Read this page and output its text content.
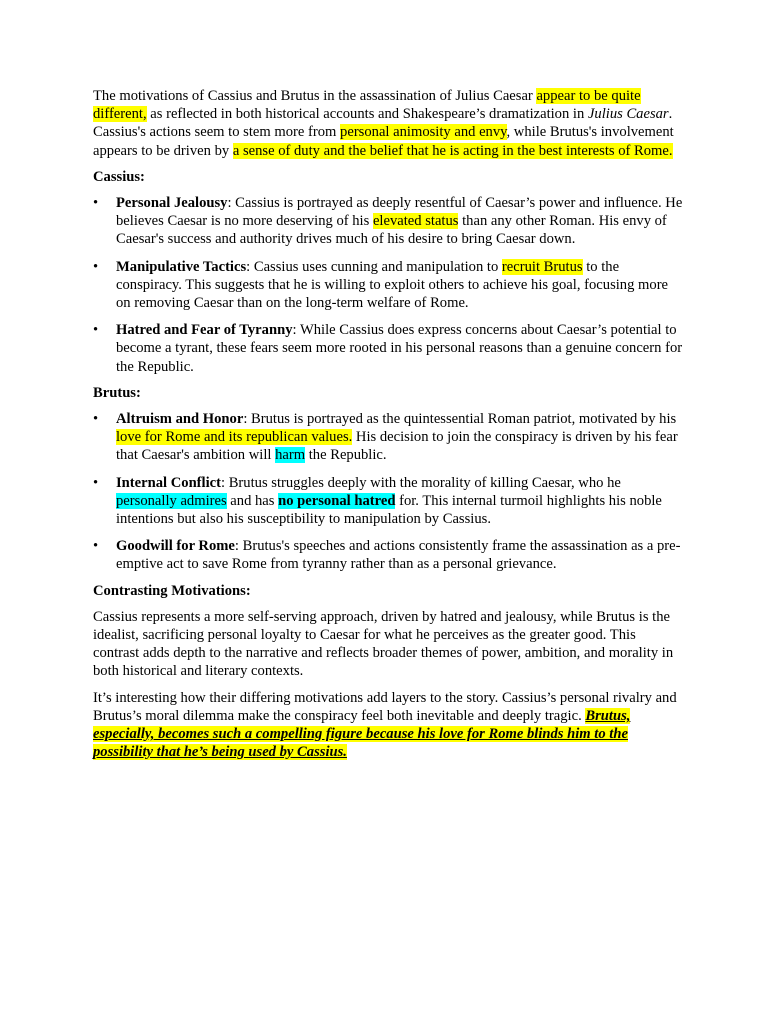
The motivations of Cassius and Brutus in the assassination of Julius Caesar appear to be quite different, as reflected in both historical accounts and Shakespeare’s dramatization in Julius Caesar. Cassius's actions seem to stem more from personal animosity and envy, while Brutus's involvement appears to be driven by a sense of duty and the belief that he is acting in the best interests of Rome.

Cassius:

• Personal Jealousy: Cassius is portrayed as deeply resentful of Caesar’s power and influence. He believes Caesar is no more deserving of his elevated status than any other Roman. His envy of Caesar's success and authority drives much of his desire to bring Caesar down.
• Manipulative Tactics: Cassius uses cunning and manipulation to recruit Brutus to the conspiracy. This suggests that he is willing to exploit others to achieve his goal, focusing more on removing Caesar than on the long-term welfare of Rome.
• Hatred and Fear of Tyranny: While Cassius does express concerns about Caesar’s potential to become a tyrant, these fears seem more rooted in his personal reasons than a genuine concern for the Republic.

Brutus:

• Altruism and Honor: Brutus is portrayed as the quintessential Roman patriot, motivated by his love for Rome and its republican values. His decision to join the conspiracy is driven by his fear that Caesar's ambition will harm the Republic.
• Internal Conflict: Brutus struggles deeply with the morality of killing Caesar, who he personally admires and has no personal hatred for. This internal turmoil highlights his noble intentions but also his susceptibility to manipulation by Cassius.
• Goodwill for Rome: Brutus's speeches and actions consistently frame the assassination as a pre-emptive act to save Rome from tyranny rather than as a personal grievance.

Contrasting Motivations:

Cassius represents a more self-serving approach, driven by hatred and jealousy, while Brutus is the idealist, sacrificing personal loyalty to Caesar for what he perceives as the greater good. This contrast adds depth to the narrative and reflects broader themes of power, ambition, and morality in both historical and literary contexts.

It’s interesting how their differing motivations add layers to the story. Cassius’s personal rivalry and Brutus’s moral dilemma make the conspiracy feel both inevitable and deeply tragic. Brutus, especially, becomes such a compelling figure because his love for Rome blinds him to the possibility that he’s being used by Cassius.
